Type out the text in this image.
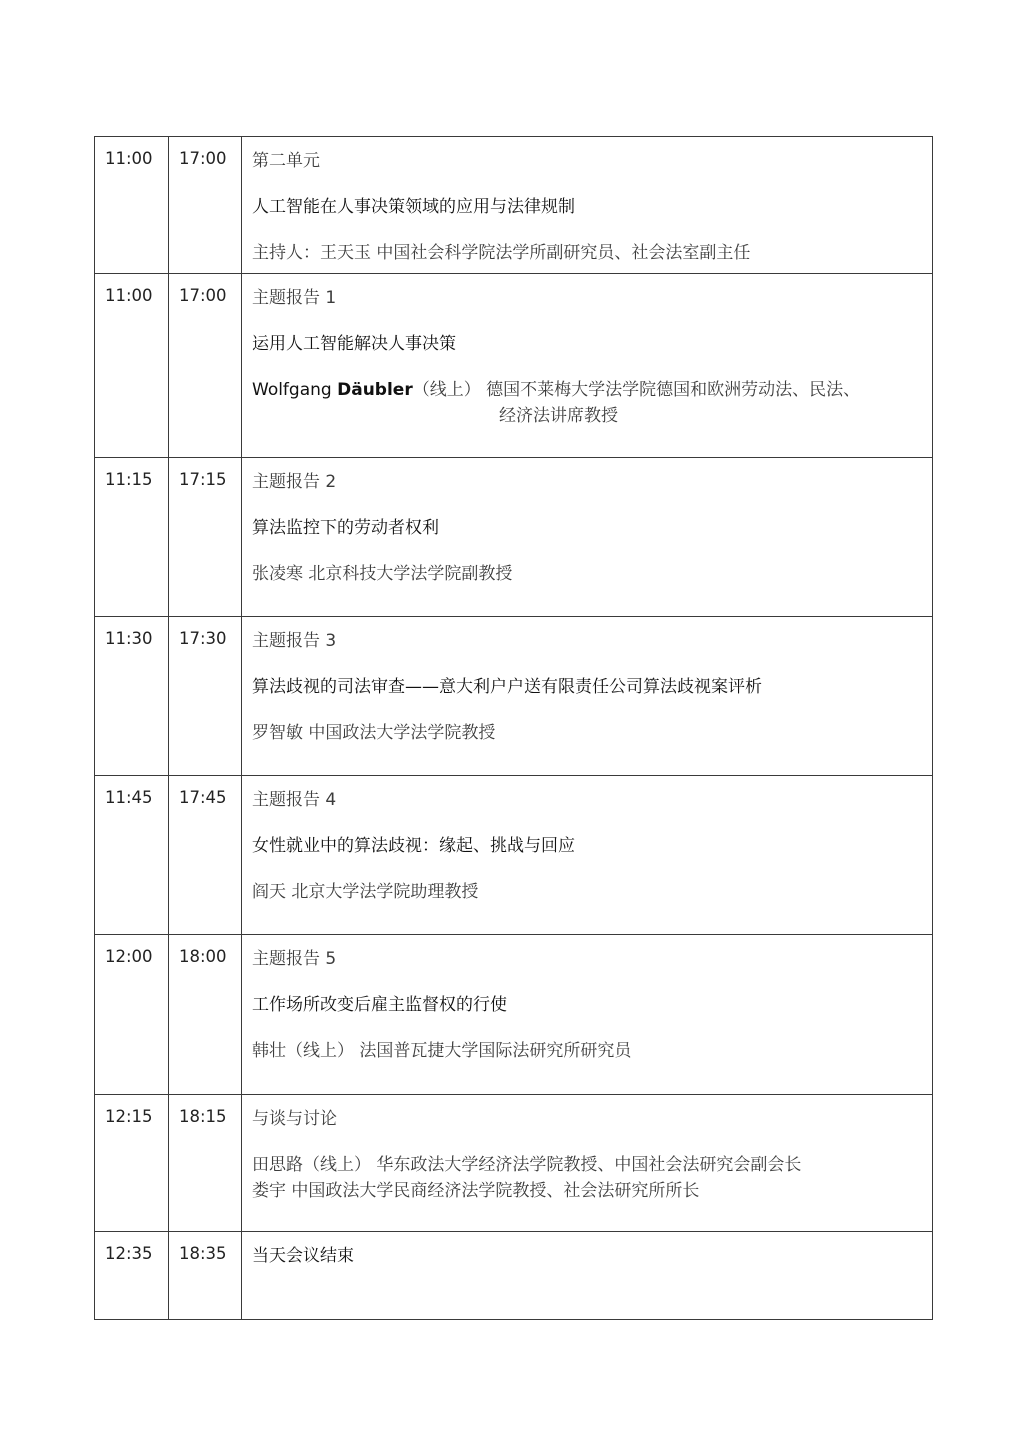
11:00	17:00	第二单元
人工智能在人事决策领域的应用与法律规制
主持人：王天玉 中国社会科学院法学所副研究员、社会法室副主任

11:00	17:00	主题报告 1
运用人工智能解决人事决策
Wolfgang Däubler（线上） 德国不莱梅大学法学院德国和欧洲劳动法、民法、
经济法讲席教授

11:15	17:15	主题报告 2
算法监控下的劳动者权利
张凌寒 北京科技大学法学院副教授

11:30	17:30	主题报告 3
算法歧视的司法审查——意大利户户送有限责任公司算法歧视案评析
罗智敏 中国政法大学法学院教授

11:45	17:45	主题报告 4
女性就业中的算法歧视：缘起、挑战与回应
阎天 北京大学法学院助理教授

12:00	18:00	主题报告 5
工作场所改变后雇主监督权的行使
韩壮（线上） 法国普瓦捷大学国际法研究所研究员

12:15	18:15	与谈与讨论
田思路（线上） 华东政法大学经济法学院教授、中国社会法研究会副会长
娄宇 中国政法大学民商经济法学院教授、社会法研究所所长

12:35	18:35	当天会议结束
